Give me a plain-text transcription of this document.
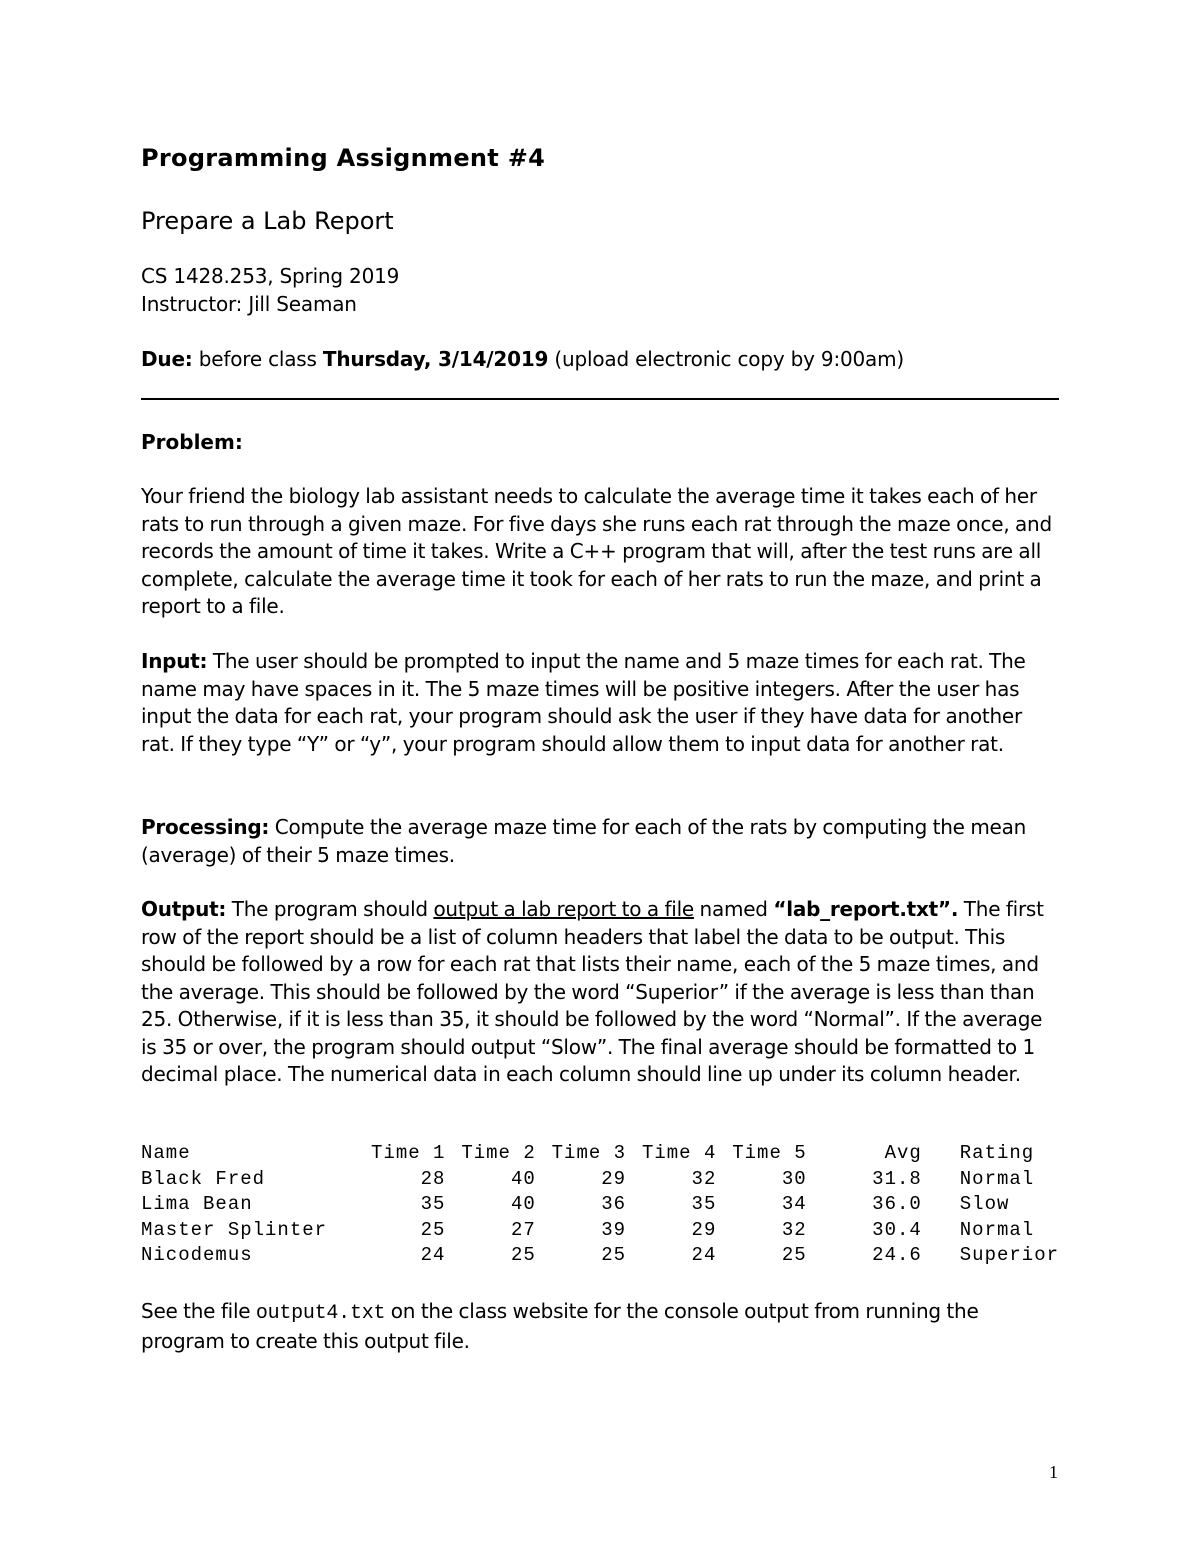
Programming Assignment #4
Prepare a Lab Report
CS 1428.253, Spring 2019
Instructor: Jill Seaman
Due: before class Thursday, 3/14/2019 (upload electronic copy by 9:00am)
Problem:
Your friend the biology lab assistant needs to calculate the average time it takes each of her rats to run through a given maze. For five days she runs each rat through the maze once, and records the amount of time it takes. Write a C++ program that will, after the test runs are all complete, calculate the average time it took for each of her rats to run the maze, and print a report to a file.
Input: The user should be prompted to input the name and 5 maze times for each rat. The name may have spaces in it. The 5 maze times will be positive integers. After the user has input the data for each rat, your program should ask the user if they have data for another rat. If they type “Y” or “y”, your program should allow them to input data for another rat.
Processing: Compute the average maze time for each of the rats by computing the mean (average) of their 5 maze times.
Output: The program should output a lab report to a file named “lab_report.txt”. The first row of the report should be a list of column headers that label the data to be output. This should be followed by a row for each rat that lists their name, each of the 5 maze times, and the average. This should be followed by the word “Superior” if the average is less than than 25. Otherwise, if it is less than 35, it should be followed by the word “Normal”. If the average is 35 or over, the program should output “Slow”. The final average should be formatted to 1 decimal place. The numerical data in each column should line up under its column header.
Name	Time 1	Time 2	Time 3	Time 4	Time 5	Avg	Rating
Black Fred	28	40	29	32	30	31.8	Normal
Lima Bean	35	40	36	35	34	36.0	Slow
Master Splinter	25	27	39	29	32	30.4	Normal
Nicodemus	24	25	25	24	25	24.6	Superior
See the file output4.txt on the class website for the console output from running the program to create this output file.
1
